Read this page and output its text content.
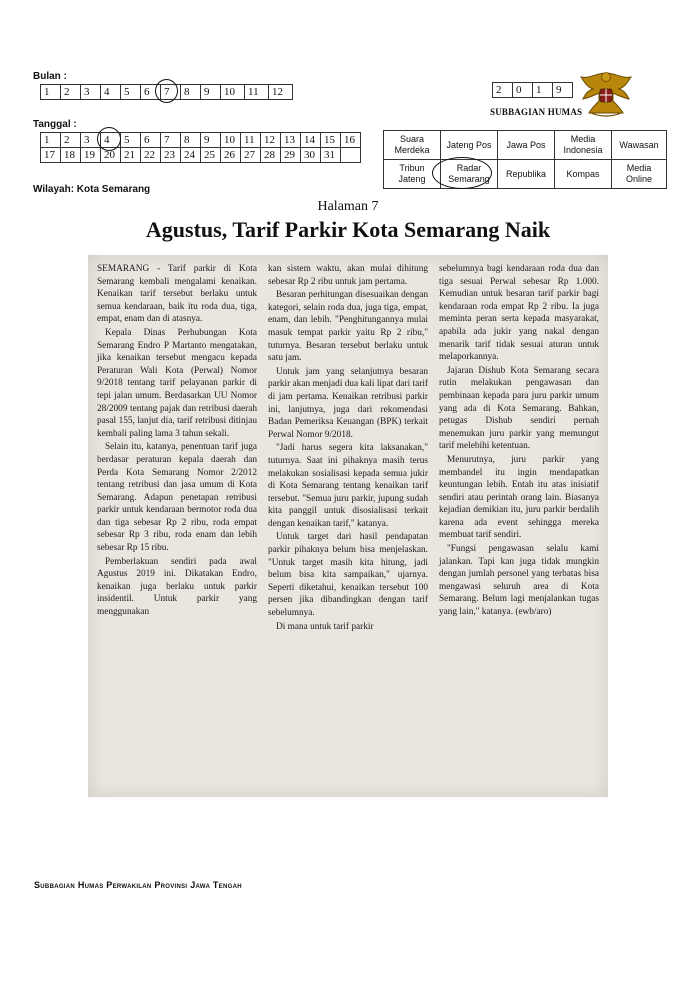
Bulan :
1	2	3	4	5	6	7	8	9	10	11	12
Tanggal :
1	2	3	4	5	6	7	8	9	10	11	12	13	14	15	16
17	18	19	20	21	22	23	24	25	26	27	28	29	30	31	
Wilayah: Kota Semarang
2	0	1	9
SUBBAGIAN HUMAS
Suara Merdeka	Jateng Pos	Jawa Pos	Media Indonesia	Wawasan
Tribun Jateng	Radar Semarang	Republika	Kompas	Media Online
Halaman 7
Agustus, Tarif Parkir Kota Semarang Naik

SEMARANG - Tarif parkir di Kota Semarang kembali mengalami kenaikan. Kenaikan tarif tersebut berlaku untuk semua kendaraan, baik itu roda dua, tiga, empat, enam dan di atasnya.

Kepala Dinas Perhubungan Kota Semarang Endro P Martanto mengatakan, jika kenaikan tersebut mengacu kepada Peraturan Wali Kota (Perwal) Nomor 9/2018 tentang tarif pelayanan parkir di tepi jalan umum. Berdasarkan UU Nomor 28/2009 tentang pajak dan retribusi daerah pasal 155, lanjut dia, tarif retribusi ditinjau kembali paling lama 3 tahun sekali.

Selain itu, katanya, penentuan tarif juga berdasar peraturan kepala daerah dan Perda Kota Semarang Nomor 2/2012 tentang retribusi dan jasa umum di Kota Semarang. Adapun penetapan retribusi parkir untuk kendaraan bermotor roda dua dan tiga sebesar Rp 2 ribu, roda empat sebesar Rp 3 ribu, roda enam dan lebih sebesar Rp 15 ribu.

Pemberlakuan sendiri pada awal Agustus 2019 ini. Dikatakan Endro, kenaikan juga berlaku untuk parkir insidentil. Untuk parkir yang menggunakan

kan sistem waktu, akan mulai dihitung sebesar Rp 2 ribu untuk jam pertama.

Besaran perhitungan disesuaikan dengan kategori, selain roda dua, juga tiga, empat, enam, dan lebih. "Penghitungannya mulai masuk tempat parkir yaitu Rp 2 ribu," tuturnya. Besaran tersebut berlaku untuk satu jam.

Untuk jam yang selanjutnya besaran parkir akan menjadi dua kali lipat dari tarif di jam pertama. Kenaikan retribusi parkir ini, lanjutnya, juga dari rekomendasi Badan Pemeriksa Keuangan (BPK) terkait Perwal Nomor 9/2018.

"Jadi harus segera kita laksanakan," tuturnya. Saat ini pihaknya masih terus melakukan sosialisasi kepada semua jukir di Kota Semarang tentang kenaikan tarif tersebut. "Semua juru parkir, jupung sudah kita panggil untuk disosialisasi terkait dengan kenaikan tarif," katanya.

Untuk target dari hasil pendapatan parkir pihaknya belum bisa menjelaskan. "Untuk target masih kita hitung, jadi belum bisa kita sampaikan," ujarnya. Seperti diketahui, kenaikan tersebut 100 persen jika dibandingkan dengan tarif sebelumnya.

Di mana untuk tarif parkir

sebelumnya bagi kendaraan roda dua dan tiga sesuai Perwal sebesar Rp 1.000. Kemudian untuk besaran tarif parkir bagi kendaraan roda empat Rp 2 ribu. Ia juga meminta peran serta kepada masyarakat, apabila ada jukir yang nakal dengan menarik tarif tidak sesuai aturan untuk melaporkannya.

Jajaran Dishub Kota Semarang secara rutin melakukan pengawasan dan pembinaan kepada para juru parkir umum yang ada di Kota Semarang. Bahkan, petugas Dishub sendiri pernah menemukan juru parkir yang memungut tarif melebihi ketentuan.

Menurutnya, juru parkir yang membandel itu ingin mendapatkan keuntungan lebih. Entah itu atas inisiatif sendiri atau perintah orang lain. Biasanya kejadian demikian itu, juru parkir berdalih karena ada event sehingga mereka membuat tarif sendiri.

"Fungsi pengawasan selalu kami jalankan. Tapi kan juga tidak mungkin dengan jumlah personel yang terbatas bisa mengawasi seluruh area di Kota Semarang. Belum lagi menjalankan tugas yang lain," katanya. (ewb/aro)

Subbagian Humas Perwakilan Provinsi Jawa Tengah
